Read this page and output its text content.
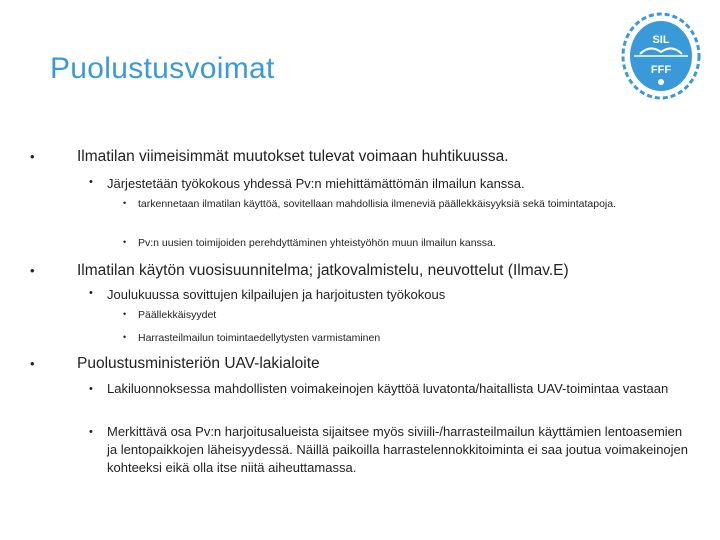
Puolustusvoimat
SIL
FFF
•	Ilmatilan viimeisimmät muutokset tulevat voimaan huhtikuussa.
• Järjestetään työkokous yhdessä Pv:n miehittämättömän ilmailun kanssa.
• tarkennetaan ilmatilan käyttöä, sovitellaan mahdollisia ilmeneviä päällekkäisyyksiä sekä toimintatapoja.
• Pv:n uusien toimijoiden perehdyttäminen yhteistyöhön muun ilmailun kanssa.
•	Ilmatilan käytön vuosisuunnitelma; jatkovalmistelu, neuvottelut (Ilmav.E)
• Joulukuussa sovittujen kilpailujen ja harjoitusten työkokous
• Päällekkäisyydet
• Harrasteilmailun toimintaedellytysten varmistaminen
•	Puolustusministeriön UAV-lakialoite
• Lakiluonnoksessa mahdollisten voimakeinojen käyttöä luvatonta/haitallista UAV-toimintaa vastaan
• Merkittävä osa Pv:n harjoitusalueista sijaitsee myös siviili-/harrasteilmailun käyttämien lentoasemien ja lentopaikkojen läheisyydessä. Näillä paikoilla harrastelennokkitoiminta ei saa joutua voimakeinojen kohteeksi eikä olla itse niitä aiheuttamassa.
